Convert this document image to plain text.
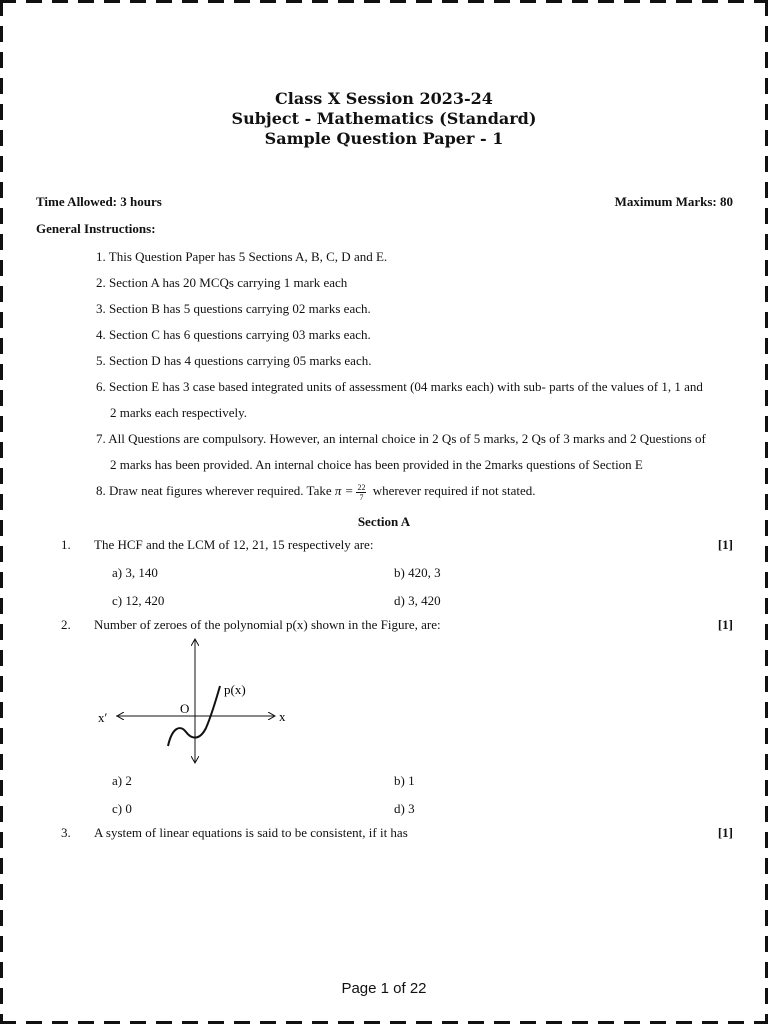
Class X Session 2023-24
Subject - Mathematics (Standard)
Sample Question Paper - 1
Time Allowed: 3 hours	Maximum Marks: 80
General Instructions:
1. This Question Paper has 5 Sections A, B, C, D and E.
2. Section A has 20 MCQs carrying 1 mark each
3. Section B has 5 questions carrying 02 marks each.
4. Section C has 6 questions carrying 03 marks each.
5. Section D has 4 questions carrying 05 marks each.
6. Section E has 3 case based integrated units of assessment (04 marks each) with sub- parts of the values of 1, 1 and
2 marks each respectively.
7. All Questions are compulsory. However, an internal choice in 2 Qs of 5 marks, 2 Qs of 3 marks and 2 Questions of
2 marks has been provided. An internal choice has been provided in the 2marks questions of Section E
8. Draw neat figures wherever required. Take $\pi = \frac{22}{7}$ wherever required if not stated.
Section A
1. The HCF and the LCM of 12, 21, 15 respectively are:	[1]
a) 3, 140	b) 420, 3
c) 12, 420	d) 3, 420
2. Number of zeroes of the polynomial p(x) shown in the Figure, are:	[1]
O
p(x)
x
x′
a) 2	b) 1
c) 0	d) 3
3. A system of linear equations is said to be consistent, if it has	[1]
Page 1 of 22
